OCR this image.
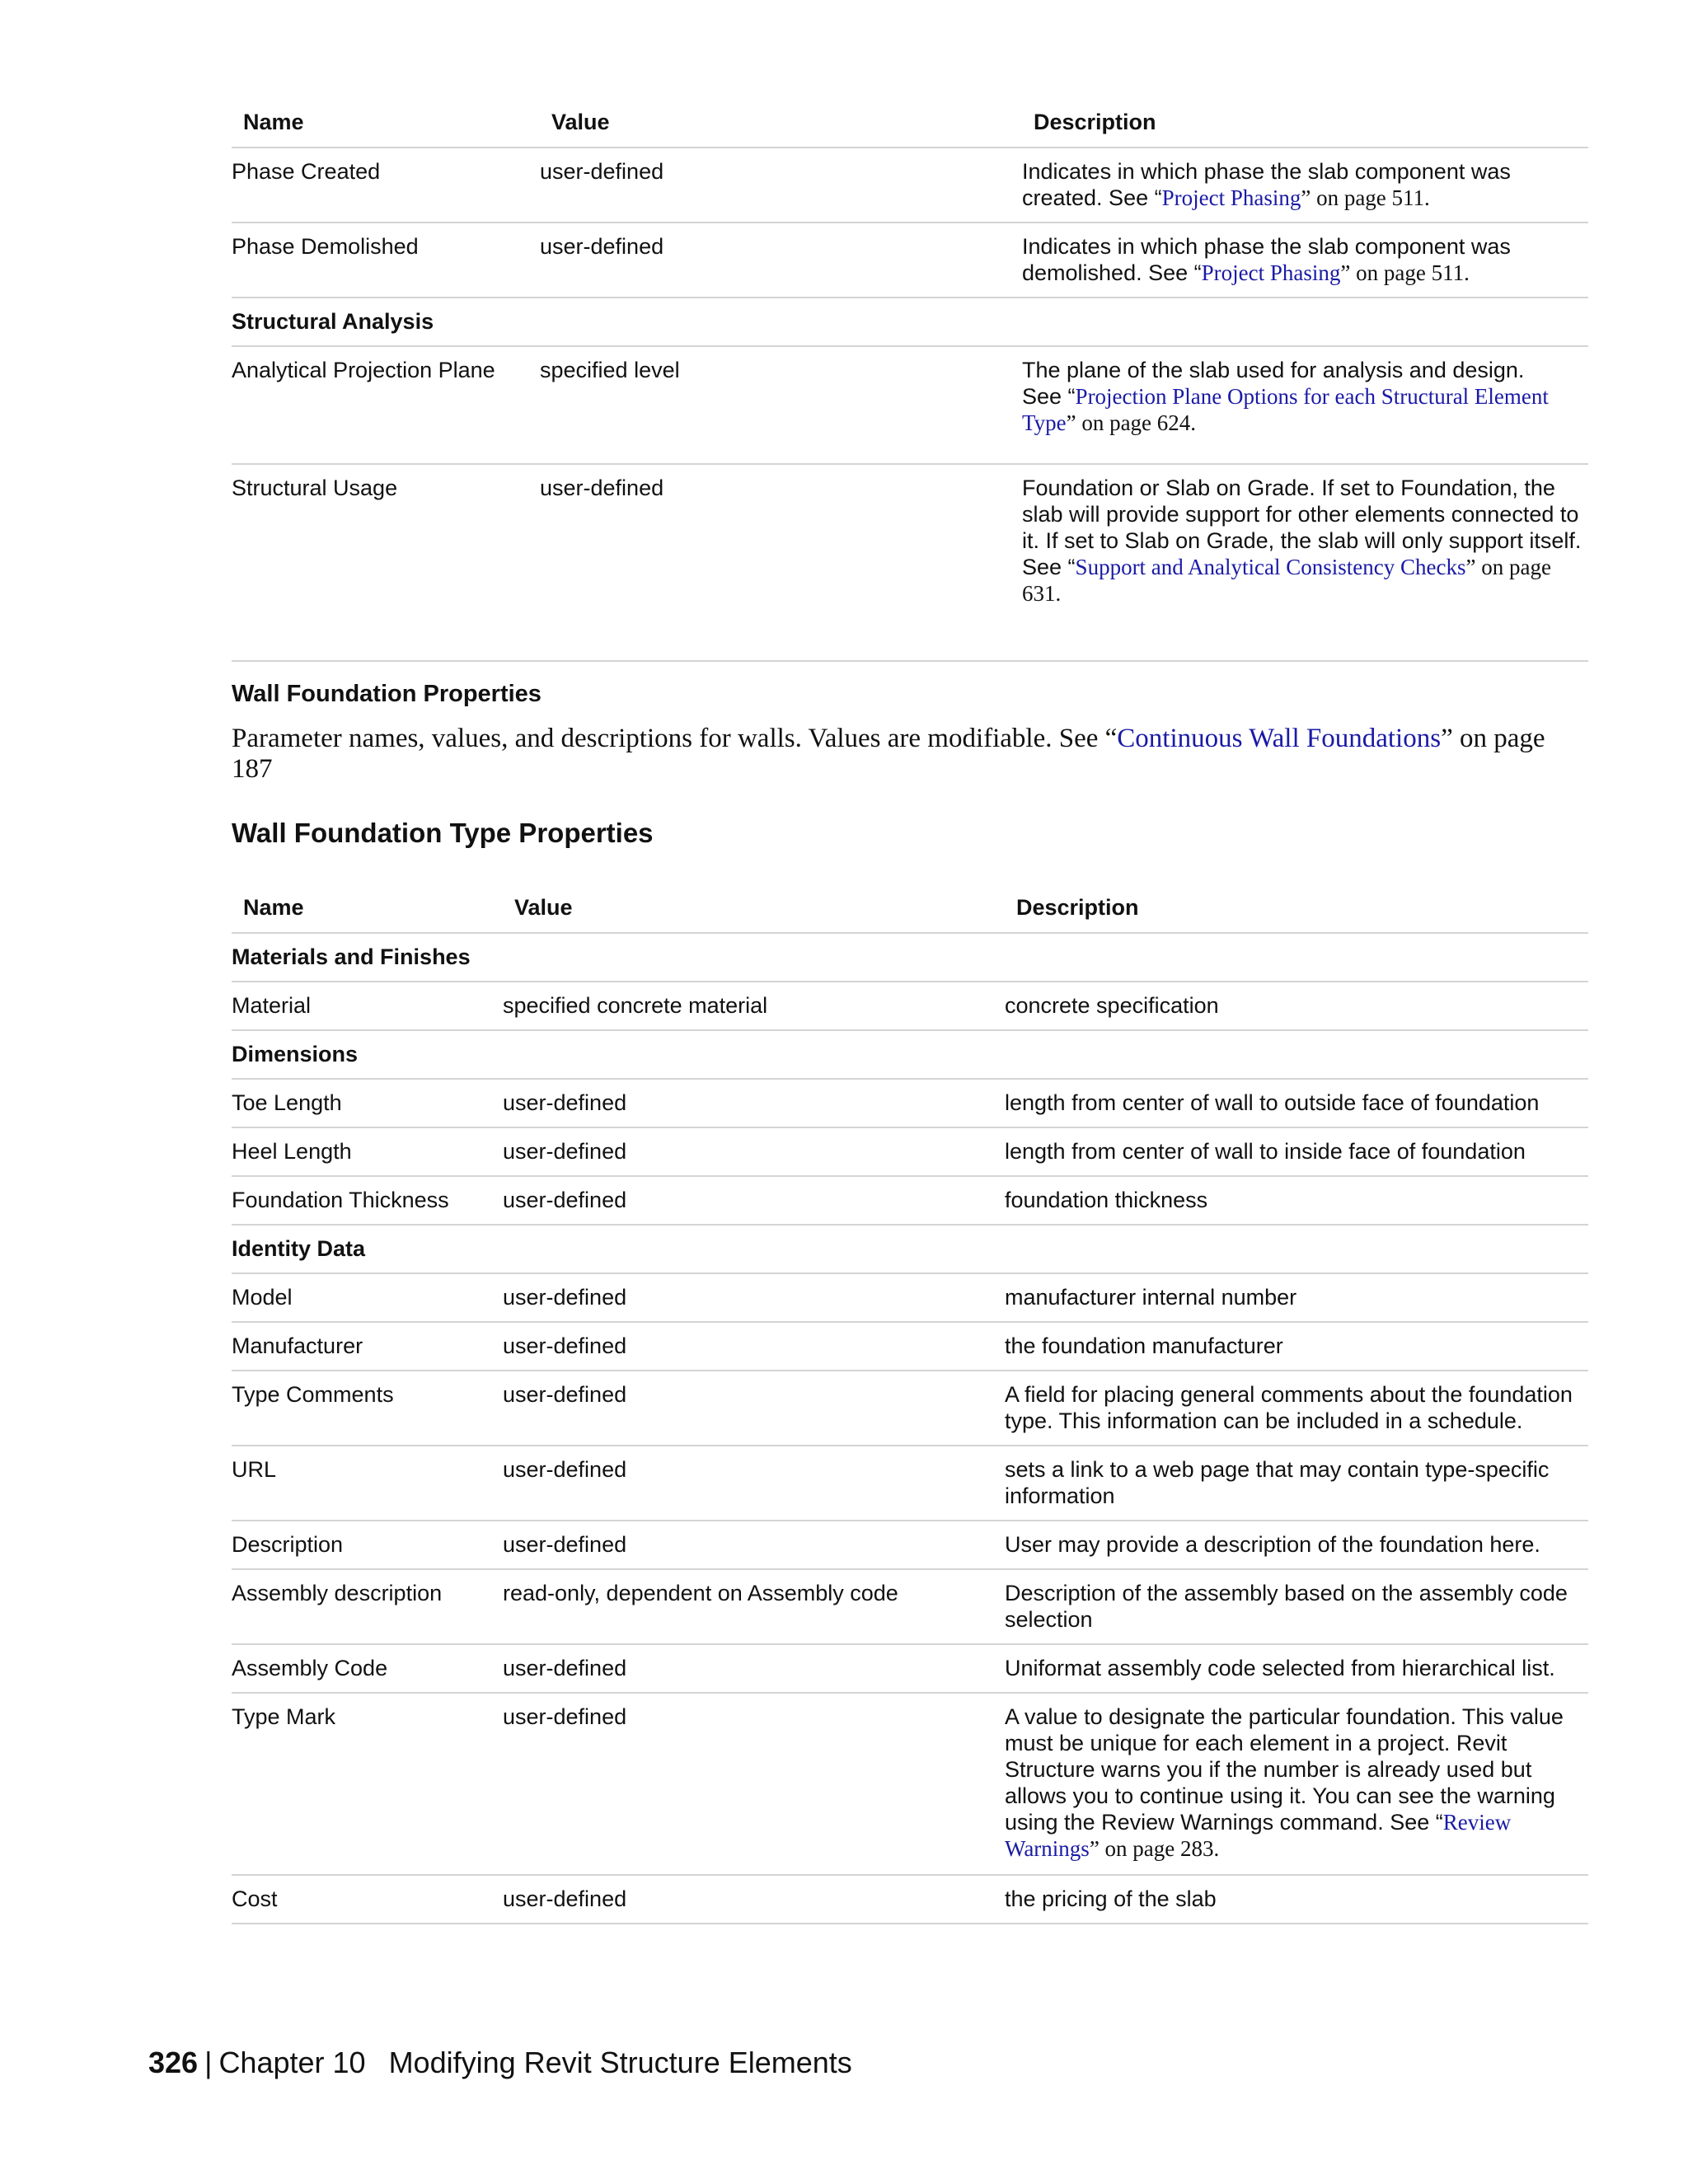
Name	Value	Description
Phase Created	user-defined	Indicates in which phase the slab component was created. See “Project Phasing” on page 511.
Phase Demolished	user-defined	Indicates in which phase the slab component was demolished. See “Project Phasing” on page 511.
Structural Analysis
Analytical Projection Plane	specified level	The plane of the slab used for analysis and design.
See “Projection Plane Options for each Structural Element Type” on page 624.
Structural Usage	user-defined	Foundation or Slab on Grade. If set to Foundation, the slab will provide support for other elements connected to it. If set to Slab on Grade, the slab will only support itself.
See “Support and Analytical Consistency Checks” on page 631.
Wall Foundation Properties
Parameter names, values, and descriptions for walls. Values are modifiable. See “Continuous Wall Foundations” on page 187
Wall Foundation Type Properties
Name	Value	Description
Materials and Finishes
Material	specified concrete material	concrete specification
Dimensions
Toe Length	user-defined	length from center of wall to outside face of foundation
Heel Length	user-defined	length from center of wall to inside face of foundation
Foundation Thickness	user-defined	foundation thickness
Identity Data
Model	user-defined	manufacturer internal number
Manufacturer	user-defined	the foundation manufacturer
Type Comments	user-defined	A field for placing general comments about the foundation type. This information can be included in a schedule.
URL	user-defined	sets a link to a web page that may contain type-specific information
Description	user-defined	User may provide a description of the foundation here.
Assembly description	read-only, dependent on Assembly code	Description of the assembly based on the assembly code selection
Assembly Code	user-defined	Uniformat assembly code selected from hierarchical list.
Type Mark	user-defined	A value to designate the particular foundation. This value must be unique for each element in a project. Revit Structure warns you if the number is already used but allows you to continue using it. You can see the warning using the Review Warnings command. See “Review Warnings” on page 283.
Cost	user-defined	the pricing of the slab
326 | Chapter 10 Modifying Revit Structure Elements
